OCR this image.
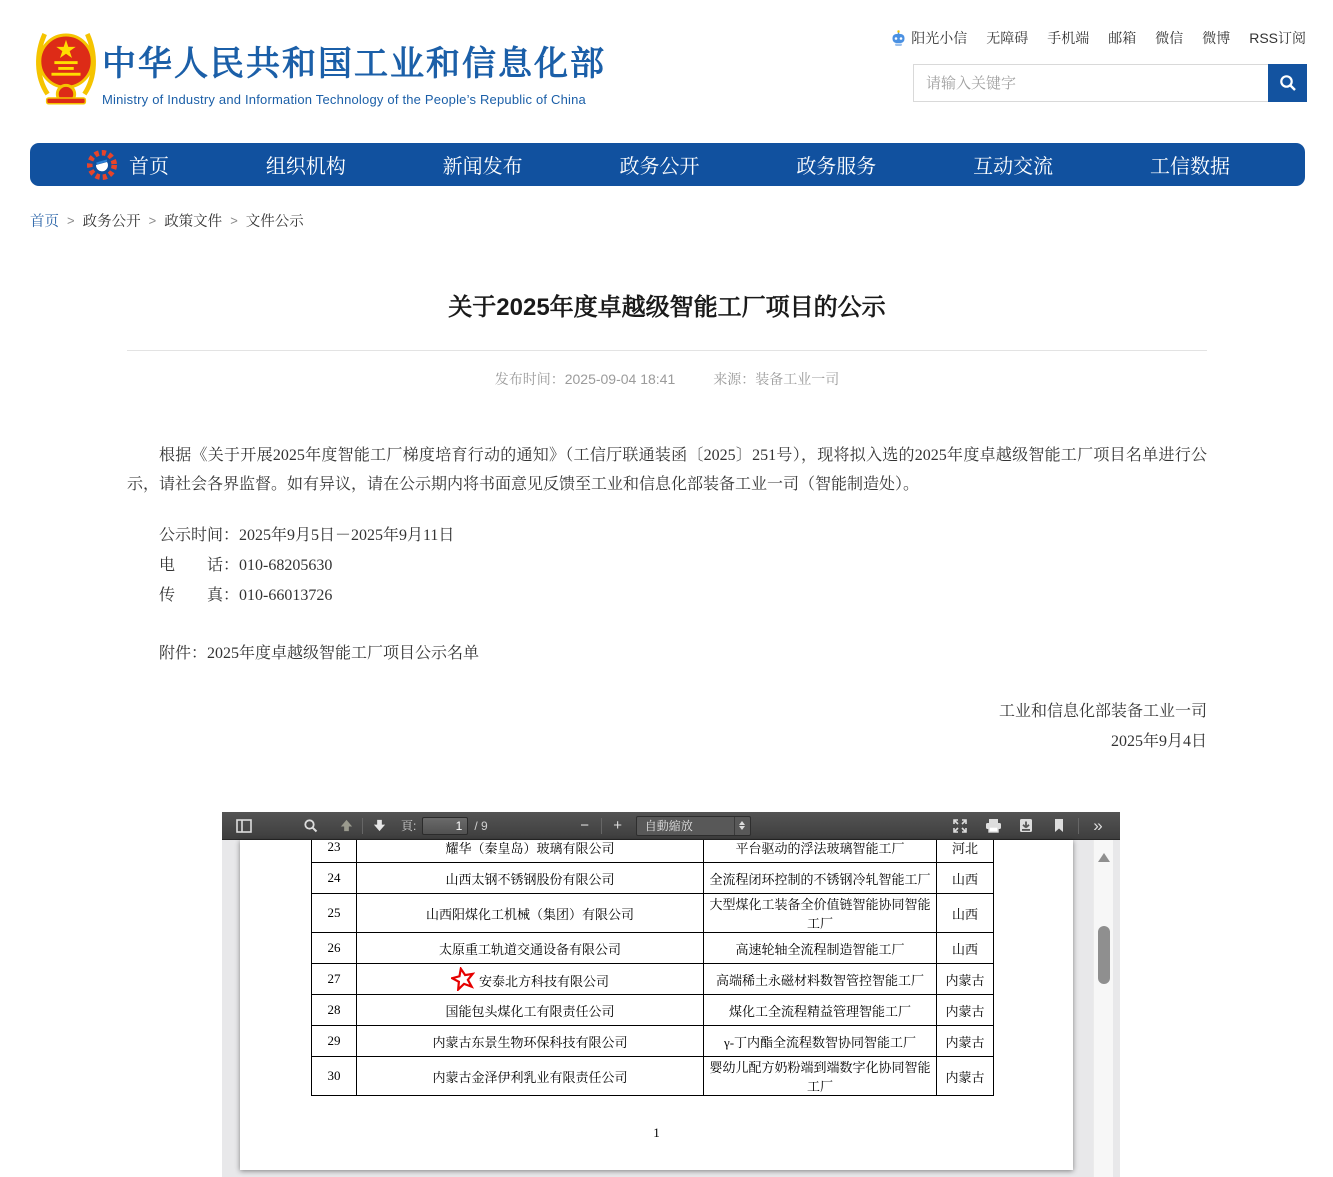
中华人民共和国工业和信息化部
Ministry of Industry and Information Technology of the People’s Republic of China
阳光小信 无障碍 手机端 邮箱 微信 微博 RSS订阅
请输入关键字
首页	组织机构	新闻发布	政务公开	政务服务	互动交流	工信数据
首页 > 政务公开 > 政策文件 > 文件公示
关于2025年度卓越级智能工厂项目的公示
发布时间：2025-09-04 18:41	来源：装备工业一司

根据《关于开展2025年度智能工厂梯度培育行动的通知》（工信厅联通装函〔2025〕251号），现将拟入选的2025年度卓越级智能工厂项目名单进行公示，请社会各界监督。如有异议，请在公示期内将书面意见反馈至工业和信息化部装备工业一司（智能制造处）。

公示时间：2025年9月5日－2025年9月11日

电　　话：010-68205630

传　　真：010-66013726

附件：2025年度卓越级智能工厂项目公示名单

工业和信息化部装备工业一司

2025年9月4日

頁:
1	/ 9	−	+	自動縮放	»
23	耀华（秦皇岛）玻璃有限公司	平台驱动的浮法玻璃智能工厂	河北
24	山西太钢不锈钢股份有限公司	全流程闭环控制的不锈钢冷轧智能工厂	山西
25	山西阳煤化工机械（集团）有限公司	大型煤化工装备全价值链智能协同智能工厂	山西
26	太原重工轨道交通设备有限公司	高速轮轴全流程制造智能工厂	山西
27	安泰北方科技有限公司	高端稀土永磁材料数智管控智能工厂	内蒙古
28	国能包头煤化工有限责任公司	煤化工全流程精益管理智能工厂	内蒙古
29	内蒙古东景生物环保科技有限公司	γ-丁内酯全流程数智协同智能工厂	内蒙古
30	内蒙古金泽伊利乳业有限责任公司	婴幼儿配方奶粉端到端数字化协同智能工厂	内蒙古
1
